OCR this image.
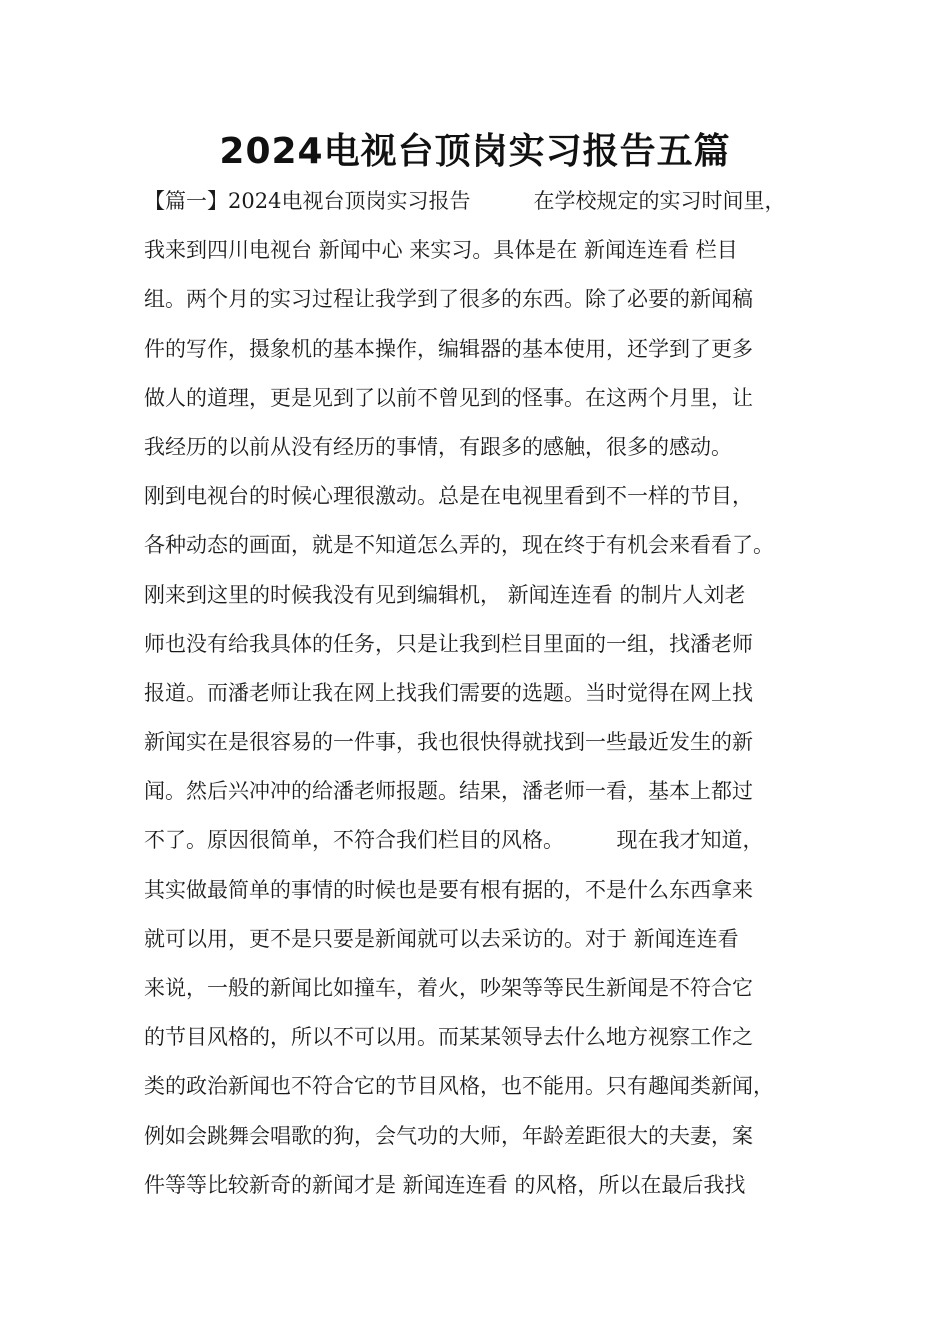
2024电视台顶岗实习报告五篇
【篇一】2024电视台顶岗实习报告　　　在学校规定的实习时间里，
我来到四川电视台 新闻中心 来实习。具体是在 新闻连连看 栏目
组。两个月的实习过程让我学到了很多的东西。除了必要的新闻稿
件的写作，摄象机的基本操作，编辑器的基本使用，还学到了更多
做人的道理，更是见到了以前不曾见到的怪事。在这两个月里，让
我经历的以前从没有经历的事情，有跟多的感触，很多的感动。
刚到电视台的时候心理很激动。总是在电视里看到不一样的节目，
各种动态的画面，就是不知道怎么弄的，现在终于有机会来看看了。
刚来到这里的时候我没有见到编辑机， 新闻连连看 的制片人刘老
师也没有给我具体的任务，只是让我到栏目里面的一组，找潘老师
报道。而潘老师让我在网上找我们需要的选题。当时觉得在网上找
新闻实在是很容易的一件事，我也很快得就找到一些最近发生的新
闻。然后兴冲冲的给潘老师报题。结果，潘老师一看，基本上都过
不了。原因很简单，不符合我们栏目的风格。　　　现在我才知道，
其实做最简单的事情的时候也是要有根有据的，不是什么东西拿来
就可以用，更不是只要是新闻就可以去采访的。对于 新闻连连看
来说，一般的新闻比如撞车，着火，吵架等等民生新闻是不符合它
的节目风格的，所以不可以用。而某某领导去什么地方视察工作之
类的政治新闻也不符合它的节目风格，也不能用。只有趣闻类新闻，
例如会跳舞会唱歌的狗，会气功的大师，年龄差距很大的夫妻，案
件等等比较新奇的新闻才是 新闻连连看 的风格，所以在最后我找
